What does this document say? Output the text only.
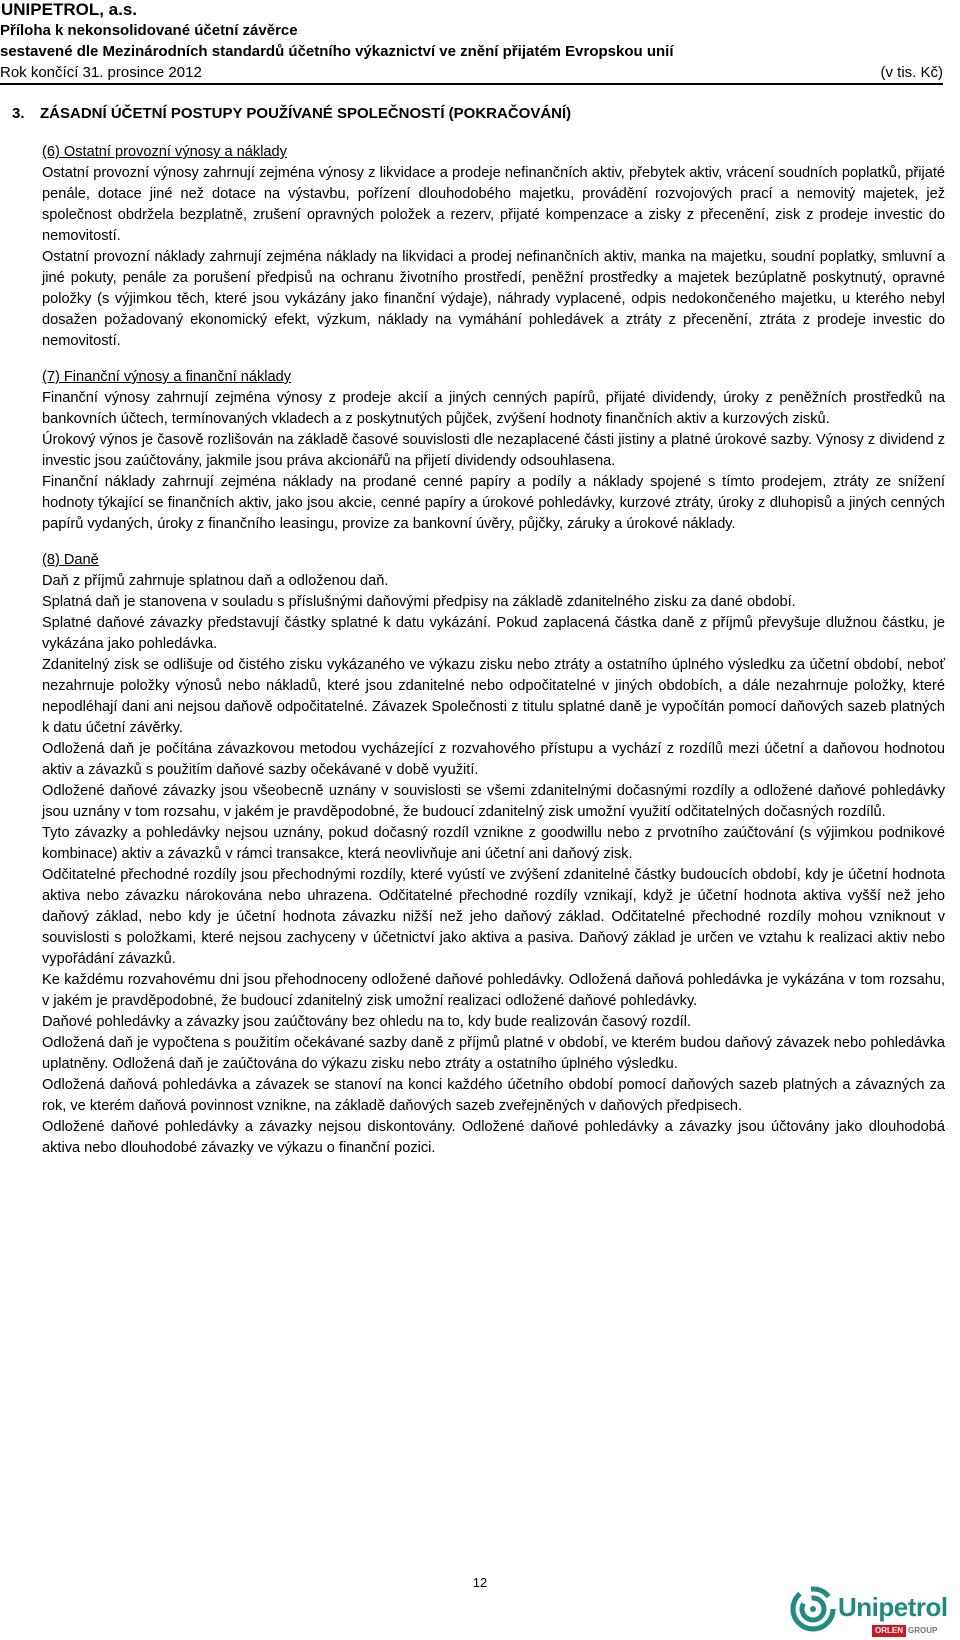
UNIPETROL, a.s.
Příloha k nekonsolidované účetní závěrce
sestavené dle Mezinárodních standardů účetního výkaznictví ve znění přijatém Evropskou unií
Rok končící 31. prosince 2012	(v tis. Kč)
3. ZÁSADNÍ ÚČETNÍ POSTUPY POUŽÍVANÉ SPOLEČNOSTÍ (POKRAČOVÁNÍ)

(6) Ostatní provozní výnosy a náklady

Ostatní provozní výnosy zahrnují zejména výnosy z likvidace a prodeje nefinančních aktiv, přebytek aktiv, vrácení soudních poplatků, přijaté penále, dotace jiné než dotace na výstavbu, pořízení dlouhodobého majetku, provádění rozvojových prací a nemovitý majetek, jež společnost obdržela bezplatně, zrušení opravných položek a rezerv, přijaté kompenzace a zisky z přecenění, zisk z prodeje investic do nemovitostí.

Ostatní provozní náklady zahrnují zejména náklady na likvidaci a prodej nefinančních aktiv, manka na majetku, soudní poplatky, smluvní a jiné pokuty, penále za porušení předpisů na ochranu životního prostředí, peněžní prostředky a majetek bezúplatně poskytnutý, opravné položky (s výjimkou těch, které jsou vykázány jako finanční výdaje), náhrady vyplacené, odpis nedokončeného majetku, u kterého nebyl dosažen požadovaný ekonomický efekt, výzkum, náklady na vymáhání pohledávek a ztráty z přecenění, ztráta z prodeje investic do nemovitostí.

(7) Finanční výnosy a finanční náklady

Finanční výnosy zahrnují zejména výnosy z prodeje akcií a jiných cenných papírů, přijaté dividendy, úroky z peněžních prostředků na bankovních účtech, termínovaných vkladech a z poskytnutých půjček, zvýšení hodnoty finančních aktiv a kurzových zisků.

Úrokový výnos je časově rozlišován na základě časové souvislosti dle nezaplacené části jistiny a platné úrokové sazby. Výnosy z dividend z investic jsou zaúčtovány, jakmile jsou práva akcionářů na přijetí dividendy odsouhlasena.

Finanční náklady zahrnují zejména náklady na prodané cenné papíry a podíly a náklady spojené s tímto prodejem, ztráty ze snížení hodnoty týkající se finančních aktiv, jako jsou akcie, cenné papíry a úrokové pohledávky, kurzové ztráty, úroky z dluhopisů a jiných cenných papírů vydaných, úroky z finančního leasingu, provize za bankovní úvěry, půjčky, záruky a úrokové náklady.

(8) Daně

Daň z příjmů zahrnuje splatnou daň a odloženou daň.

Splatná daň je stanovena v souladu s příslušnými daňovými předpisy na základě zdanitelného zisku za dané období.

Splatné daňové závazky představují částky splatné k datu vykázání. Pokud zaplacená částka daně z příjmů převyšuje dlužnou částku, je vykázána jako pohledávka.

Zdanitelný zisk se odlišuje od čistého zisku vykázaného ve výkazu zisku nebo ztráty a ostatního úplného výsledku za účetní období, neboť nezahrnuje položky výnosů nebo nákladů, které jsou zdanitelné nebo odpočitatelné v jiných obdobích, a dále nezahrnuje položky, které nepodléhají dani ani nejsou daňově odpočitatelné. Závazek Společnosti z titulu splatné daně je vypočítán pomocí daňových sazeb platných k datu účetní závěrky.

Odložená daň je počítána závazkovou metodou vycházející z rozvahového přístupu a vychází z rozdílů mezi účetní a daňovou hodnotou aktiv a závazků s použitím daňové sazby očekávané v době využití.

Odložené daňové závazky jsou všeobecně uznány v souvislosti se všemi zdanitelnými dočasnými rozdíly a odložené daňové pohledávky jsou uznány v tom rozsahu, v jakém je pravděpodobné, že budoucí zdanitelný zisk umožní využití odčitatelných dočasných rozdílů.

Tyto závazky a pohledávky nejsou uznány, pokud dočasný rozdíl vznikne z goodwillu nebo z prvotního zaúčtování (s výjimkou podnikové kombinace) aktiv a závazků v rámci transakce, která neovlivňuje ani účetní ani daňový zisk.

Odčitatelné přechodné rozdíly jsou přechodnými rozdíly, které vyústí ve zvýšení zdanitelné částky budoucích období, kdy je účetní hodnota aktiva nebo závazku nárokována nebo uhrazena. Odčitatelné přechodné rozdíly vznikají, když je účetní hodnota aktiva vyšší než jeho daňový základ, nebo kdy je účetní hodnota závazku nižší než jeho daňový základ. Odčitatelné přechodné rozdíly mohou vzniknout v souvislosti s položkami, které nejsou zachyceny v účetnictví jako aktiva a pasiva. Daňový základ je určen ve vztahu k realizaci aktiv nebo vypořádání závazků.

Ke každému rozvahovému dni jsou přehodnoceny odložené daňové pohledávky. Odložená daňová pohledávka je vykázána v tom rozsahu, v jakém je pravděpodobné, že budoucí zdanitelný zisk umožní realizaci odložené daňové pohledávky.

Daňové pohledávky a závazky jsou zaúčtovány bez ohledu na to, kdy bude realizován časový rozdíl.

Odložená daň je vypočtena s použitím očekávané sazby daně z příjmů platné v období, ve kterém budou daňový závazek nebo pohledávka uplatněny. Odložená daň je zaúčtována do výkazu zisku nebo ztráty a ostatního úplného výsledku.

Odložená daňová pohledávka a závazek se stanoví na konci každého účetního období pomocí daňových sazeb platných a závazných za rok, ve kterém daňová povinnost vznikne, na základě daňových sazeb zveřejněných v daňových předpisech.

Odložené daňové pohledávky a závazky nejsou diskontovány. Odložené daňové pohledávky a závazky jsou účtovány jako dlouhodobá aktiva nebo dlouhodobé závazky ve výkazu o finanční pozici.

12
Unipetrol
ORLEN GROUP
